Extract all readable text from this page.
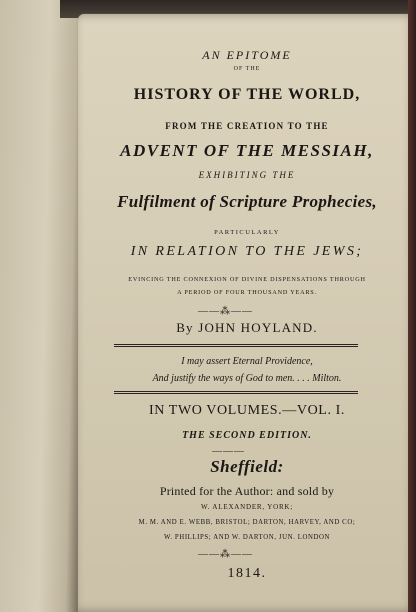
AN EPITOME
OF THE
HISTORY OF THE WORLD,
FROM THE CREATION TO THE
ADVENT OF THE MESSIAH,
EXHIBITING THE
Fulfilment of Scripture Prophecies,
PARTICULARLY
IN RELATION TO THE JEWS;
EVINCING THE CONNEXION OF DIVINE DISPENSATIONS THROUGH
A PERIOD OF FOUR THOUSAND YEARS.
——⁂——
By JOHN HOYLAND.
I may assert Eternal Providence,
And justify the ways of God to men. . . . Milton.
IN TWO VOLUMES.—VOL. I.
THE SECOND EDITION.
———
Sheffield:
Printed for the Author: and sold by
W. ALEXANDER, YORK;
M. M. AND E. WEBB, BRISTOL; DARTON, HARVEY, AND CO;
W. PHILLIPS; AND W. DARTON, JUN. LONDON
——⁂——
1814.
